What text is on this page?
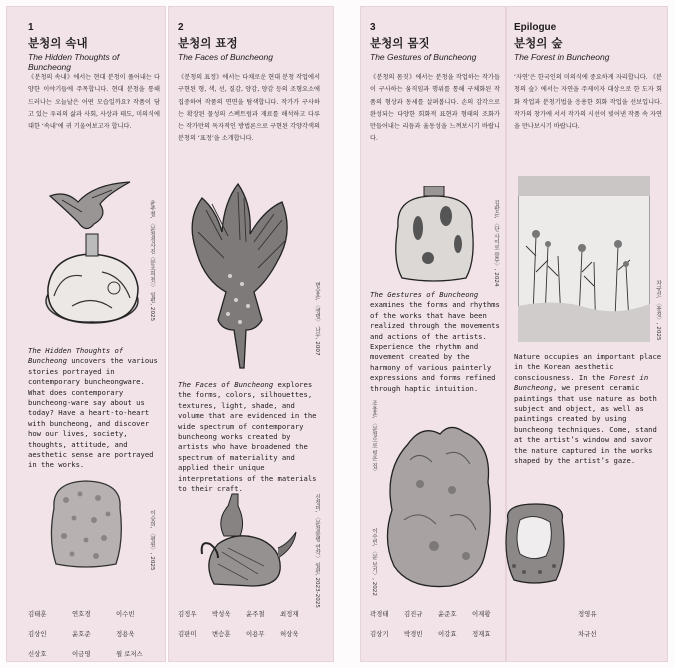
1

분청의 속내

The Hidden Thoughts of Buncheong

《분청의 속내》에서는 현대 분청이 풀어내는 다양한 이야기들에 주목합니다. 현대 분청을 통해 드러나는 오늘날은 어떤 모습일까요? 작품이 담고 있는 우리의 삶과 사회, 사상과 태도, 미의식에 대한 ‘속내’에 귀 기울여보고자 합니다.

윤주철, 〈분청정사진〈분조희천〉〉 일편, 2025

The Hidden Thoughts of Buncheong uncovers the various stories portrayed in contemporary buncheongware. What does contemporary buncheong-ware say about us today? Have a heart-to-heart with buncheong, and discover how our lives, society, thoughts, attitude, and aesthetic sense are portrayed in the works.

이승희, 〈평원〉, 2025
김태훈	연호경	이수빈
김상인	윤호준	정용욱
신상호	이금영	윌 로저스

2

분청의 표정

The Faces of Buncheong

《분청의 표정》에서는 다채로운 현대 분청 작업에서 구현된 형, 색, 선, 질감, 양감, 양감 등의 조형요소에 집중하여 작품의 면면을 탐색합니다. 작가가 구사하는 확장된 물성의 스펙트럼과 재료를 해석하고 다루는 작가만의 독자적인 방법론으로 구현된 각양각색의 분청의 ‘표정’을 소개합니다.

변승훈, 〈생명〉 나무, 2007

The Faces of Buncheong explores the forms, colors, silhouettes, textures, light, shade, and volume that are evidenced in the wide spectrum of contemporary buncheong works created by artists who have broadened the spectrum of materiality and applied their unique interpretations of the materials to their craft.

신정미, 〈분청물병 연작〉 일편, 2023-2025
김정우	박성욱	윤주철	최정재
김판미	변승훈	이용무	허상욱

3

분청의 몸짓

The Gestures of Buncheong

《분청의 몸짓》에서는 분청을 작업하는 작가들이 구사하는 움직임과 행위를 통해 구체화된 작품의 형상과 동세를 살펴봅니다. 손의 감각으로 완성되는 다양한 회화적 표현과 형태의 조화가 만들어내는 리듬과 율동성을 느껴보시기 바랍니다.

김판순, 〈단 사이로 블루〉, 2024

The Gestures of Buncheong examines the forms and rhythms of the works that have been realized through the movements and actions of the artists. Experience the rhythm and movement created by the harmony of various painterly expressions and forms refined through haptic intuition.

조용훈, 〈분청으로 빚은 집〉
이수빈, 〈분 보기〉, 2022
곽경태	김진규	윤준호	이재황
김상기	박경빈	이강효	정재효

Epilogue

분청의 숲

The Forest in Buncheong

‘자연’은 한국인의 미의식에 중요하게 자리합니다. 《분청의 숲》에서는 자연을 주제이자 대상으로 한 도자 회화 작업과 분청기법을 응용한 회화 작업을 선보입니다. 작가의 창가에 서서 작가의 시선이 빚어낸 작품 속 자연을 만나보시기 바랍니다.

차규선, 〈풍경〉, 2025

Nature occupies an important place in the Korean aesthetic consciousness. In the Forest in Buncheong, we present ceramic paintings that use nature as both subject and object, as well as paintings created by using buncheong techniques. Come, stand at the artist’s window and savor the nature captured in the works shaped by the artist’s gaze.

정영유
차규선
